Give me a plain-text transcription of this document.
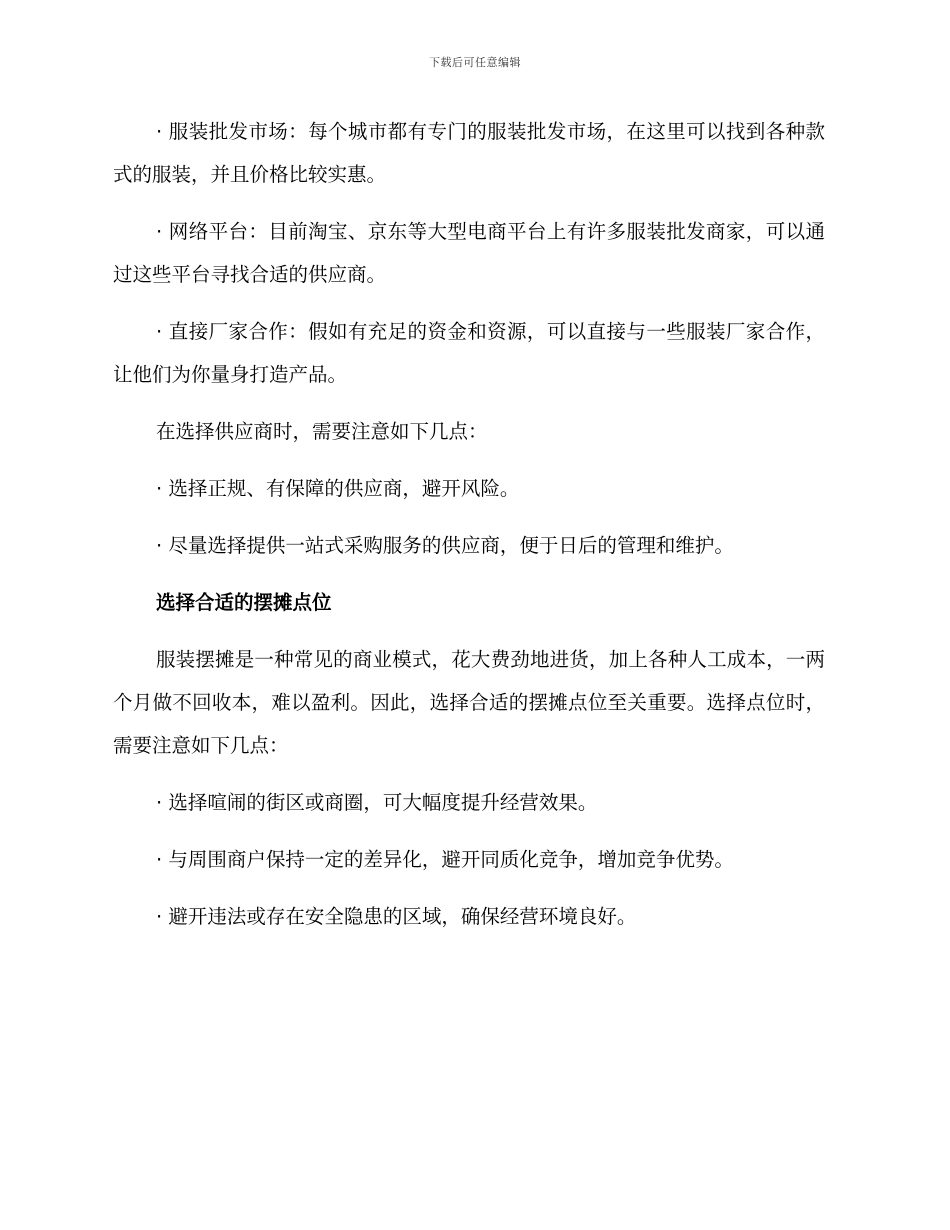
下载后可任意编辑

· 服装批发市场：每个城市都有专门的服装批发市场，在这里可以找到各种款式的服装，并且价格比较实惠。

· 网络平台：目前淘宝、京东等大型电商平台上有许多服装批发商家，可以通过这些平台寻找合适的供应商。

· 直接厂家合作：假如有充足的资金和资源，可以直接与一些服装厂家合作，让他们为你量身打造产品。

在选择供应商时，需要注意如下几点：

· 选择正规、有保障的供应商，避开风险。

· 尽量选择提供一站式采购服务的供应商，便于日后的管理和维护。

选择合适的摆摊点位

服装摆摊是一种常见的商业模式，花大费劲地进货，加上各种人工成本，一两个月做不回收本，难以盈利。因此，选择合适的摆摊点位至关重要。选择点位时，需要注意如下几点：

· 选择喧闹的街区或商圈，可大幅度提升经营效果。

· 与周围商户保持一定的差异化，避开同质化竞争，增加竞争优势。

· 避开违法或存在安全隐患的区域，确保经营环境良好。
